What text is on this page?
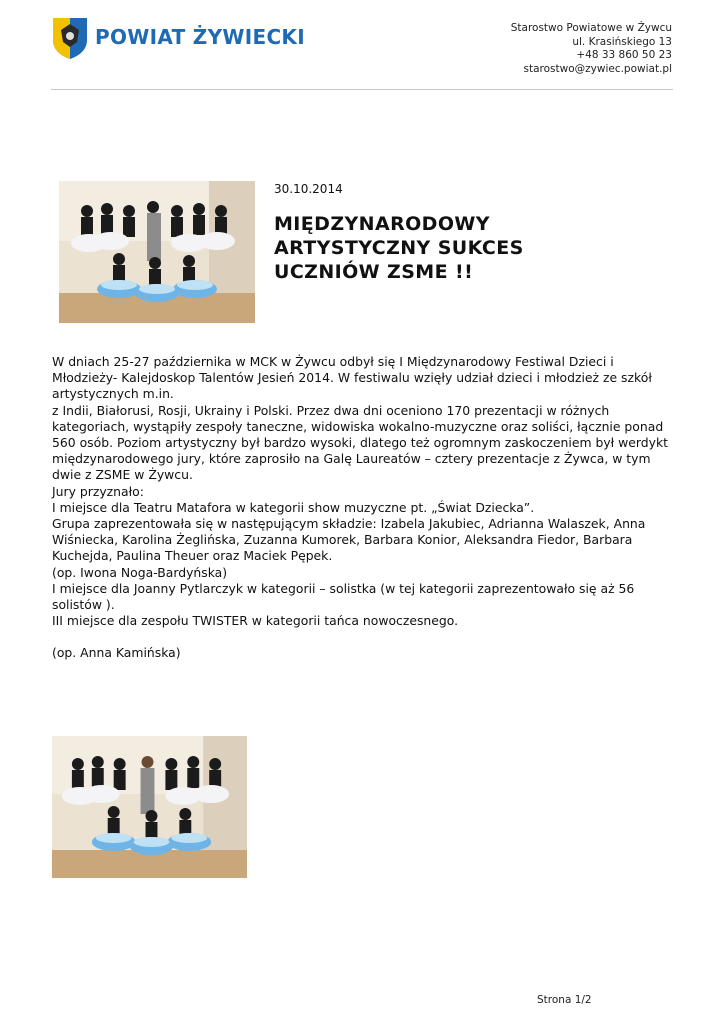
POWIAT ŻYWIECKI	Starostwo Powiatowe w Żywcu
ul. Krasińskiego 13
+48 33 860 50 23
starostwo@zywiec.powiat.pl
30.10.2014
MIĘDZYNARODOWY
ARTYSTYCZNY SUKCES
UCZNIÓW ZSME !!

W dniach 25-27 października w MCK w Żywcu odbył się I Międzynarodowy Festiwal Dzieci i Młodzieży- Kalejdoskop Talentów Jesień 2014. W festiwalu wzięły udział dzieci i młodzież ze szkół artystycznych m.in.

z Indii, Białorusi, Rosji, Ukrainy i Polski. Przez dwa dni oceniono 170 prezentacji w różnych kategoriach, wystąpiły zespoły taneczne, widowiska wokalno-muzyczne oraz soliści, łącznie ponad 560 osób. Poziom artystyczny był bardzo wysoki, dlatego też ogromnym zaskoczeniem był werdykt międzynarodowego jury, które zaprosiło na Galę Laureatów – cztery prezentacje z Żywca, w tym dwie z ZSME w Żywcu.

Jury przyznało:

I miejsce dla Teatru Matafora w kategorii show muzyczne pt. „Świat Dziecka”.

Grupa zaprezentowała się w następującym składzie: Izabela Jakubiec, Adrianna Walaszek, Anna Wiśniecka, Karolina Żeglińska, Zuzanna Kumorek, Barbara Konior, Aleksandra Fiedor, Barbara Kuchejda, Paulina Theuer oraz Maciek Pępek.

(op. Iwona Noga-Bardyńska)

I miejsce dla Joanny Pytlarczyk w kategorii – solistka (w tej kategorii zaprezentowało się aż 56 solistów ).

III miejsce dla zespołu TWISTER w kategorii tańca nowoczesnego.

(op. Anna Kamińska)

Strona 1/2
